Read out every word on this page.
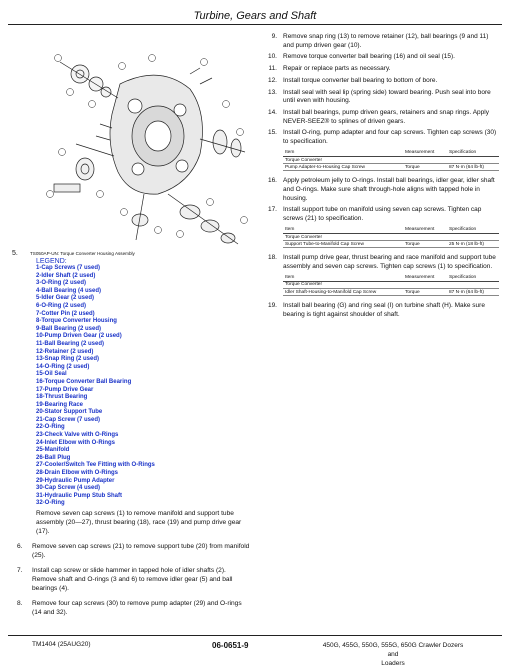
Turbine, Gears and Shaft
5.	TS050AP-UN: Torque Converter Housing Assembly
LEGEND:
1-Cap Screws (7 used)
2-Idler Shaft (2 used)
3-O-Ring (2 used)
4-Ball Bearing (4 used)
5-Idler Gear (2 used)
6-O-Ring (2 used)
7-Cotter Pin (2 used)
8-Torque Converter Housing
9-Ball Bearing (2 used)
10-Pump Driven Gear (2 used)
11-Ball Bearing (2 used)
12-Retainer (2 used)
13-Snap Ring (2 used)
14-O-Ring (2 used)
15-Oil Seal
16-Torque Converter Ball Bearing
17-Pump Drive Gear
18-Thrust Bearing
19-Bearing Race
20-Stator Support Tube
21-Cap Screw (7 used)
22-O-Ring
23-Check Valve with O-Rings
24-Inlet Elbow with O-Rings
25-Manifold
26-Ball Plug
27-Cooler/Switch Tee Fitting with O-Rings
28-Drain Elbow with O-Rings
29-Hydraulic Pump Adapter
30-Cap Screw (4 used)
31-Hydraulic Pump Stub Shaft
32-O-Ring
Remove seven cap screws (1) to remove manifold and support tube assembly (20—27), thrust bearing (18), race (19) and pump drive gear (17).
6.	Remove seven cap screws (21) to remove support tube (20) from manifold (25).
7.	Install cap screw or slide hammer in tapped hole of idler shafts (2). Remove shaft and O-rings (3 and 6) to remove idler gear (5) and ball bearings (4).
8.	Remove four cap screws (30) to remove pump adapter (29) and O-rings (14 and 32).
9. Remove snap ring (13) to remove retainer (12), ball bearings (9 and 11) and pump driven gear (10).
10. Remove torque converter ball bearing (16) and oil seal (15).
11. Repair or replace parts as necessary.
12. Install torque converter ball bearing to bottom of bore.
13. Install seal with seal lip (spring side) toward bearing. Push seal into bore until even with housing.
14. Install ball bearings, pump driven gears, retainers and snap rings. Apply NEVER-SEEZ® to splines of driven gears.
15. Install O-ring, pump adapter and four cap screws. Tighten cap screws (30) to specification.
Item	Measurement	Specification
Torque Converter		
Pump Adapter-to-Housing Cap Screw	Torque	87 N·m (64 lb-ft)
16. Apply petroleum jelly to O-rings. Install ball bearings, idler gear, idler shaft and O-rings. Make sure shaft through-hole aligns with tapped hole in housing.
17. Install support tube on manifold using seven cap screws. Tighten cap screws (21) to specification.
Item	Measurement	Specification
Torque Converter		
Support Tube-to-Manifold Cap Screw	Torque	25 N·m (18 lb-ft)
18. Install pump drive gear, thrust bearing and race manifold and support tube assembly and seven cap screws. Tighten cap screws (1) to specification.
Item	Measurement	Specification
Torque Converter		
Idler Shaft-Housing-to-Manifold Cap Screw	Torque	87 N·m (64 lb-ft)
19. Install ball bearing (G) and ring seal (I) on turbine shaft (H). Make sure bearing is tight against shoulder of shaft.
TM1404 (25AUG20)	06-0651-9	450G, 455G, 550G, 555G, 650G Crawler Dozers and
Loaders
